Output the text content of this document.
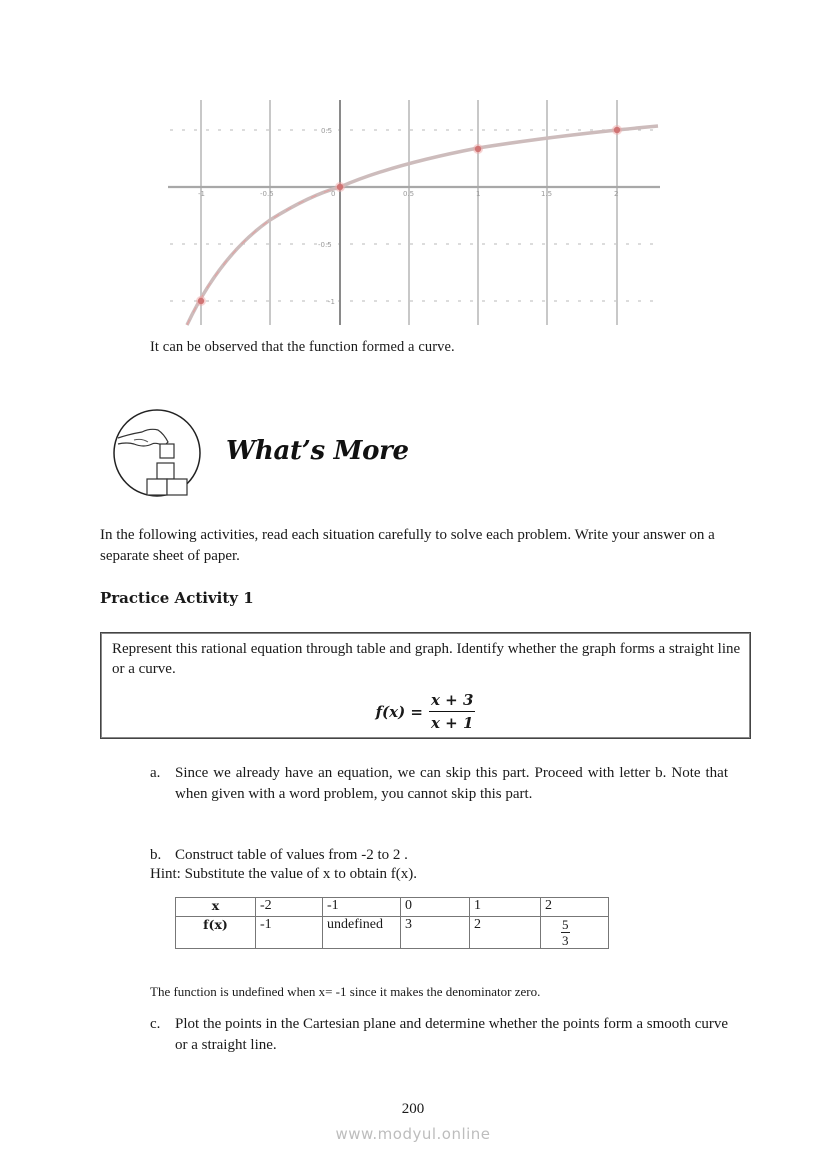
-1	-0.5	0	0.5	1	1.5	2
0.5
-0.5
-1
It can be observed that the function formed a curve.
What’s More
In the following activities, read each situation carefully to solve each problem. Write your answer on a separate sheet of paper.
Practice Activity 1
Represent this rational equation through table and graph. Identify whether the graph forms a straight line or a curve.
$f(x) = \frac{x + 3}{x + 1}$
a. Since we already have an equation, we can skip this part. Proceed with letter b. Note that when given with a word problem, you cannot skip this part.
b. Construct table of values from -2 to 2 .
Hint: Substitute the value of x to obtain f(x).
x	-2	-1	0	1	2
f(x)	-1	undefined	3	2	$\frac{5}{3}$
The function is undefined when x= -1 since it makes the denominator zero.
c. Plot the points in the Cartesian plane and determine whether the points form a smooth curve or a straight line.
200
www.modyul.online
